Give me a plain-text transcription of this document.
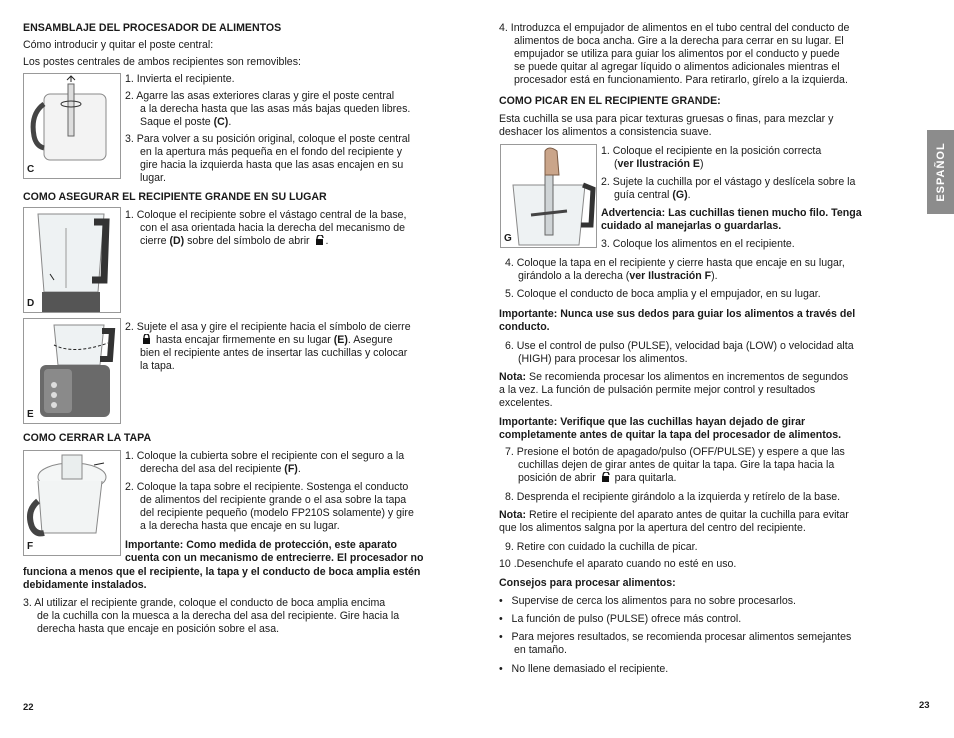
ENSAMBLAJE DEL PROCESADOR DE ALIMENTOS
Cómo introducir y quitar el poste central:
Los postes centrales de ambos recipientes son removibles:
C
1. Invierta el recipiente.
2. Agarre las asas exteriores claras y gire el poste central
a la derecha hasta que las asas más bajas queden libres.
Saque el poste (C).
3. Para volver a su posición original, coloque el poste central
en la apertura más pequeña en el fondo del recipiente y
gire hacia la izquierda hasta que las asas encajen en su
lugar.
COMO ASEGURAR EL RECIPIENTE GRANDE EN SU LUGAR
D
1. Coloque el recipiente sobre el vástago central de la base,
con el asa orientada hacia la derecha del mecanismo de
cierre (D) sobre del símbolo de abrir .
E
2. Sujete el asa y gire el recipiente hacia el símbolo de cierre
hasta encajar firmemente en su lugar (E). Asegure
bien el recipiente antes de insertar las cuchillas y colocar
la tapa.
COMO CERRAR LA TAPA
F
1. Coloque la cubierta sobre el recipiente con el seguro a la
derecha del asa del recipiente (F).
2. Coloque la tapa sobre el recipiente. Sostenga el conducto
de alimentos del recipiente grande o el asa sobre la tapa
del recipiente pequeño (modelo FP210S solamente) y gire
a la derecha hasta que encaje en su lugar.
Importante: Como medida de protección, este aparato
cuenta con un mecanismo de entrecierre. El procesador no
funciona a menos que el recipiente, la tapa y el conducto de boca amplia estén
debidamente instalados.
3. Al utilizar el recipiente grande, coloque el conducto de boca amplia encima
de la cuchilla con la muesca a la derecha del asa del recipiente. Gire hacia la
derecha hasta que encaje en posición sobre el asa.
22
4. Introduzca el empujador de alimentos en el tubo central del conducto de
alimentos de boca ancha. Gire a la derecha para cerrar en su lugar. El
empujador se utiliza para guiar los alimentos por el conducto y puede
se puede quitar al agregar líquido o alimentos adicionales mientras el
procesador está en funcionamiento. Para retirarlo, gírelo a la izquierda.
COMO PICAR EN EL RECIPIENTE GRANDE:
Esta cuchilla se usa para picar texturas gruesas o finas, para mezclar y
deshacer los alimentos a consistencia suave.
G
1. Coloque el recipiente en la posición correcta
(ver Ilustración E)
2. Sujete la cuchilla por el vástago y deslícela sobre la
guía central (G).
Advertencia: Las cuchillas tienen mucho filo. Tenga
cuidado al manejarlas o guardarlas.
3. Coloque los alimentos en el recipiente.
4. Coloque la tapa en el recipiente y cierre hasta que encaje en su lugar,
girándolo a la derecha (ver Ilustración F).
5. Coloque el conducto de boca amplia y el empujador, en su lugar.
Importante: Nunca use sus dedos para guiar los alimentos a través del
conducto.
6. Use el control de pulso (PULSE), velocidad baja (LOW) o velocidad alta
(HIGH) para procesar los alimentos.
Nota: Se recomienda procesar los alimentos en incrementos de segundos
a la vez. La función de pulsación permite mejor control y resultados
excelentes.
Importante: Verifique que las cuchillas hayan dejado de girar
completamente antes de quitar la tapa del procesador de alimentos.
7. Presione el botón de apagado/pulso (OFF/PULSE) y espere a que las
cuchillas dejen de girar antes de quitar la tapa. Gire la tapa hacia la
posición de abrir  para quitarla.
8. Desprenda el recipiente girándolo a la izquierda y retírelo de la base.
Nota: Retire el recipiente del aparato antes de quitar la cuchilla para evitar
que los alimentos salgna por la apertura del centro del recipiente.
9. Retire con cuidado la cuchilla de picar.
10 .Desenchufe el aparato cuando no esté en uso.
Consejos para procesar alimentos:
•   Supervise de cerca los alimentos para no sobre procesarlos.
•   La función de pulso (PULSE) ofrece más control.
•   Para mejores resultados, se recomienda procesar alimentos semejantes
en tamaño.
•   No llene demasiado el recipiente.
23
ESPAÑOL
